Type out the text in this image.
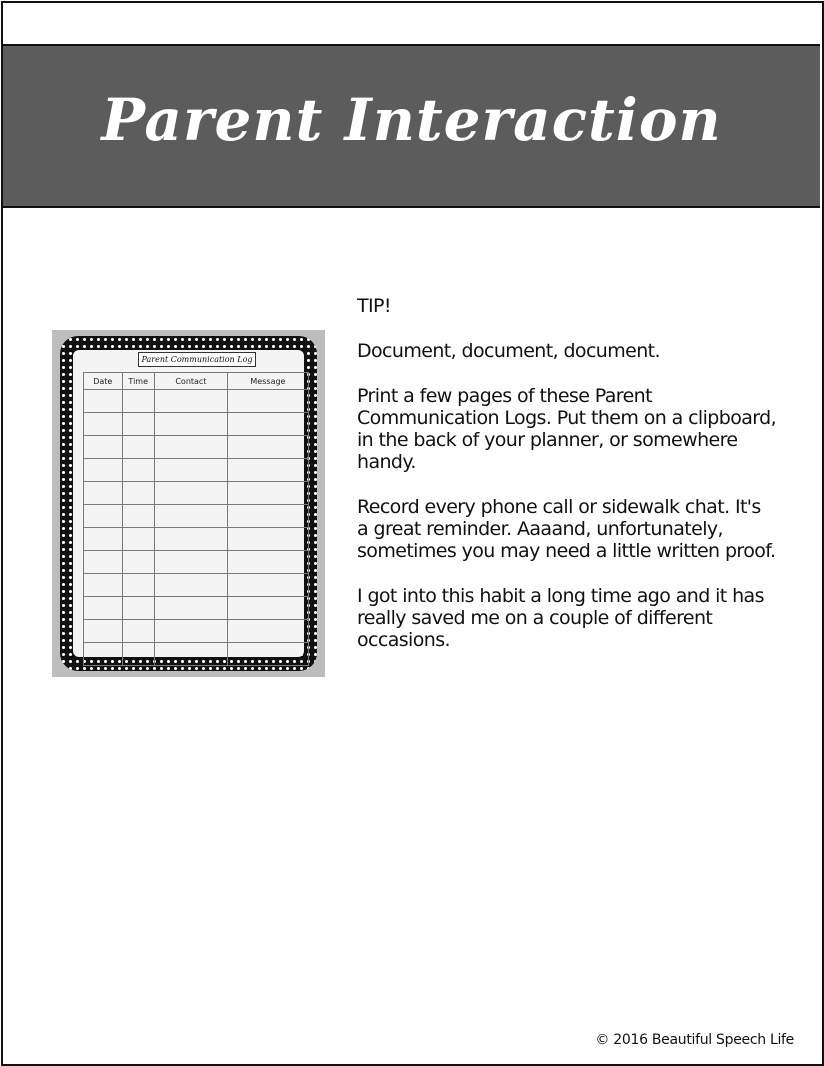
Parent Interaction
Parent Communication Log
Date	Time	Contact	Message

TIP!

Document, document, document.

Print a few pages of these Parent Communication Logs. Put them on a clipboard, in the back of your planner, or somewhere handy.

Record every phone call or sidewalk chat. It's a great reminder. Aaaand, unfortunately, sometimes you may need a little written proof.

I got into this habit a long time ago and it has really saved me on a couple of different occasions.

© 2016 Beautiful Speech Life
